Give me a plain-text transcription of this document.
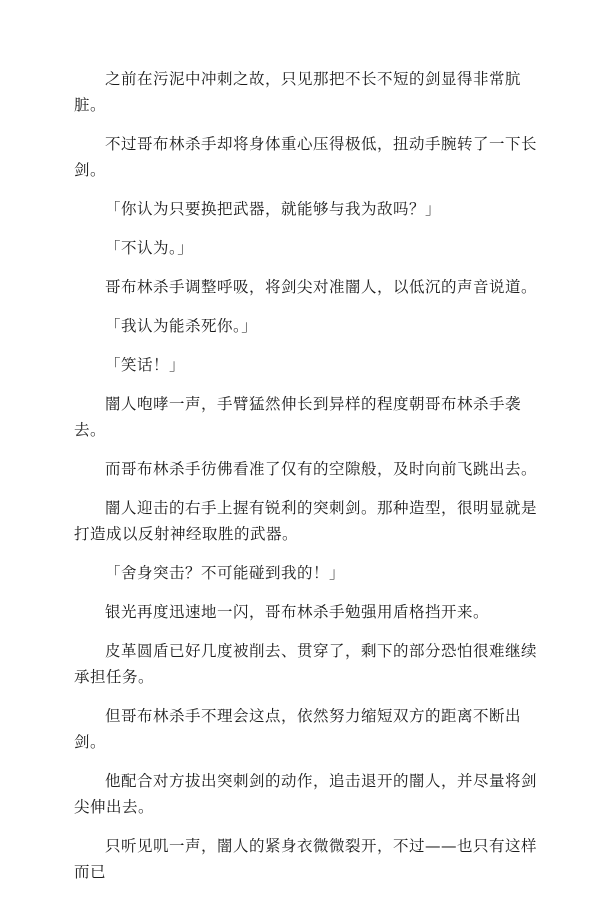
之前在污泥中冲刺之故，只见那把不长不短的剑显得非常肮脏。

不过哥布林杀手却将身体重心压得极低，扭动手腕转了一下长剑。

「你认为只要换把武器，就能够与我为敌吗？」

「不认为。」

哥布林杀手调整呼吸，将剑尖对准闇人，以低沉的声音说道。

「我认为能杀死你。」

「笑话！」

闇人咆哮一声，手臂猛然伸长到异样的程度朝哥布林杀手袭去。

而哥布林杀手彷佛看准了仅有的空隙般，及时向前飞跳出去。

闇人迎击的右手上握有锐利的突刺剑。那种造型，很明显就是打造成以反射神经取胜的武器。

「舍身突击？不可能碰到我的！」

银光再度迅速地一闪，哥布林杀手勉强用盾格挡开来。

皮革圆盾已好几度被削去、贯穿了，剩下的部分恐怕很难继续承担任务。

但哥布林杀手不理会这点，依然努力缩短双方的距离不断出剑。

他配合对方拔出突刺剑的动作，追击退开的闇人，并尽量将剑尖伸出去。

只听见叽一声，闇人的紧身衣微微裂开，不过——也只有这样而已
